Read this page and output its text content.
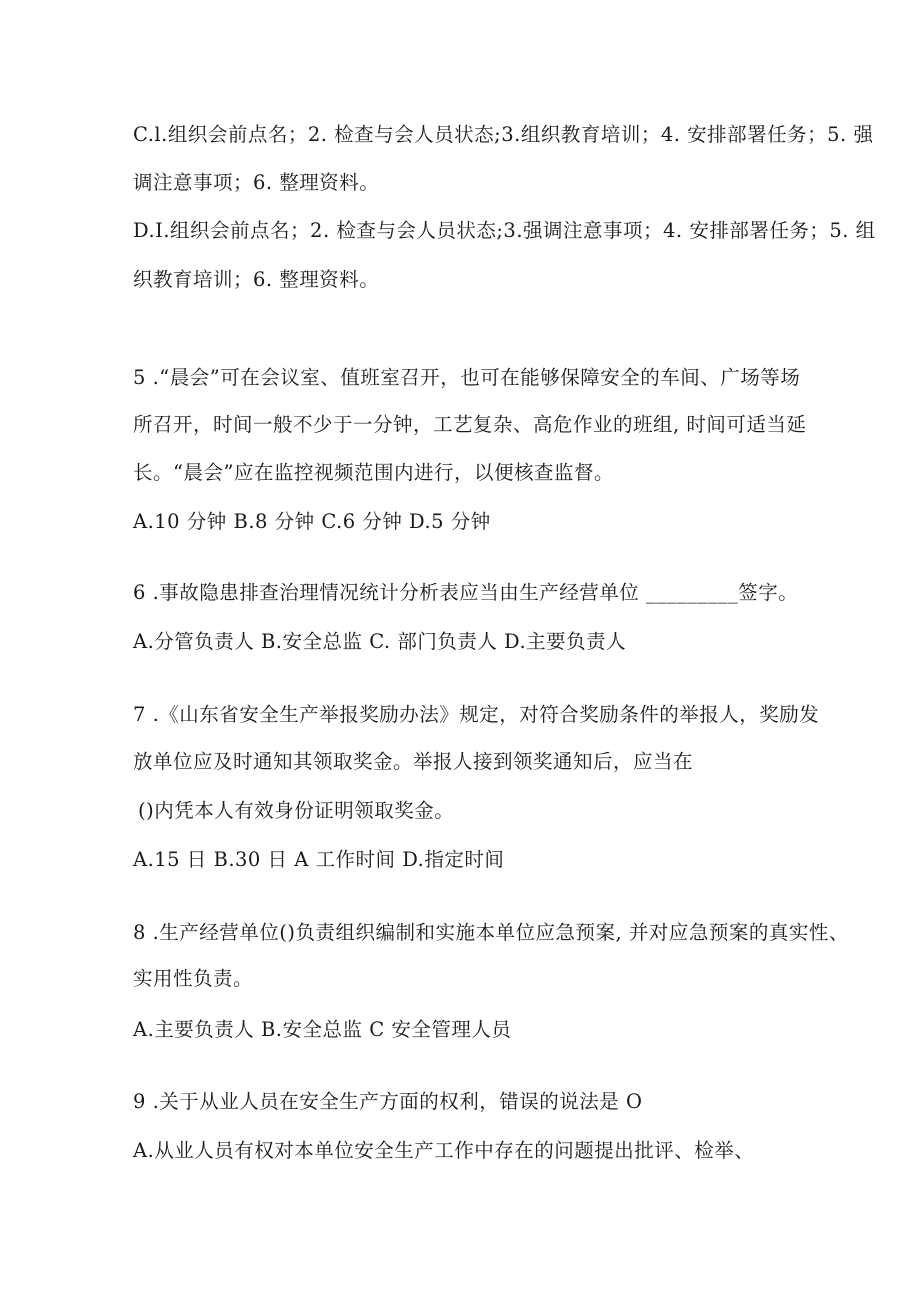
C.l.组织会前点名；2. 检查与会人员状态;3.组织教育培训；4. 安排部署任务；5. 强
调注意事项；6. 整理资料。
D.I.组织会前点名；2. 检查与会人员状态;3.强调注意事项；4. 安排部署任务；5. 组
织教育培训；6. 整理资料。
5 .“晨会”可在会议室、值班室召开，也可在能够保障安全的车间、广场等场
所召开，时间一般不少于一分钟，工艺复杂、高危作业的班组, 时间可适当延
长。“晨会”应在监控视频范围内进行，以便核查监督。
A.10 分钟 B.8 分钟 C.6 分钟 D.5 分钟
6 .事故隐患排查治理情况统计分析表应当由生产经营单位 _________签字。
A.分管负责人 B.安全总监 C. 部门负责人 D.主要负责人
7 .《山东省安全生产举报奖励办法》规定，对符合奖励条件的举报人，奖励发
放单位应及时通知其领取奖金。举报人接到领奖通知后，应当在
()内凭本人有效身份证明领取奖金。
A.15 日 B.30 日 A 工作时间 D.指定时间
8 .生产经营单位()负责组织编制和实施本单位应急预案, 并对应急预案的真实性、
实用性负责。
A.主要负责人 B.安全总监 C 安全管理人员
9 .关于从业人员在安全生产方面的权利，错误的说法是 O
A.从业人员有权对本单位安全生产工作中存在的问题提出批评、检举、
